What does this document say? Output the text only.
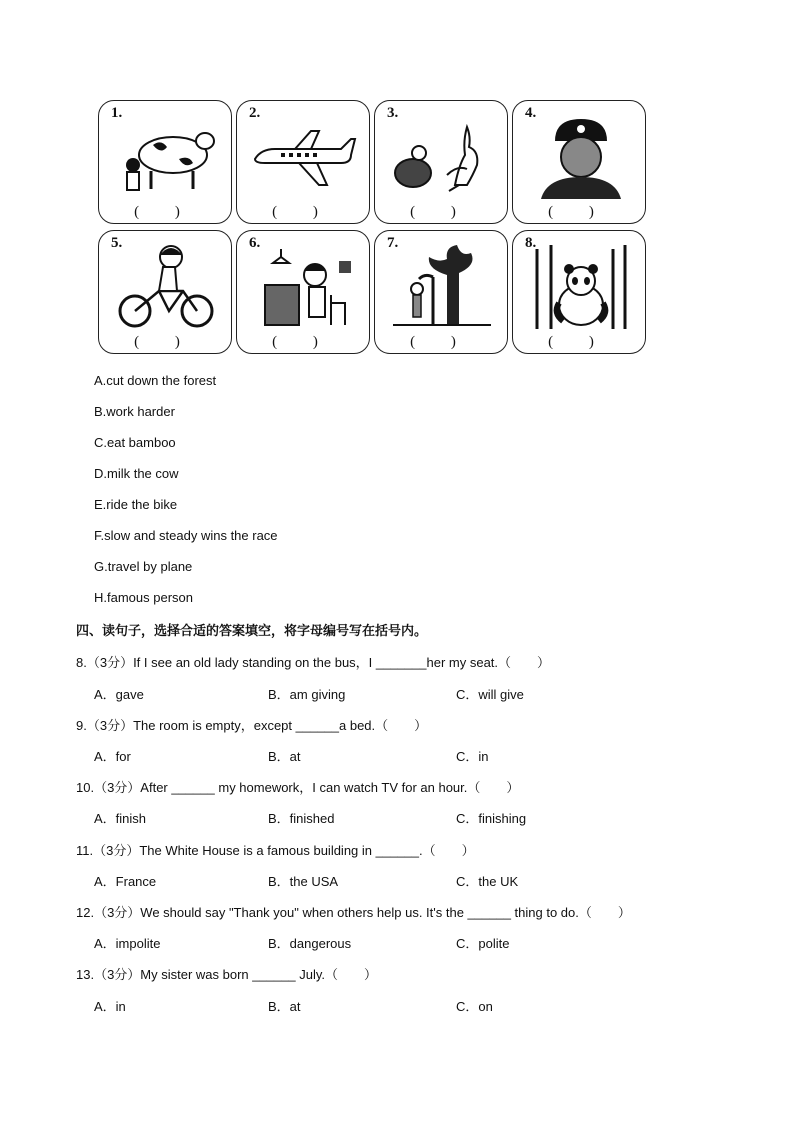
1.
( )
2.
( )
3.
( )
4.
( )
5.
( )
6.
( )
7.
( )
8.
( )
A.cut down the forest
B.work harder
C.eat bamboo
D.milk the cow
E.ride the bike
F.slow and steady wins the race
G.travel by plane
H.famous person
四、读句子，选择合适的答案填空，将字母编号写在括号内。
8.（3分）If I see an old lady standing on the bus，I _______her my seat.（　　）
A．gave	B．am giving	C．will give
9.（3分）The room is empty，except ______a bed.（　　）
A．for	B．at	C．in
10.（3分）After ______ my homework，I can watch TV for an hour.（　　）
A．finish	B．finished	C．finishing
11.（3分）The White House is a famous building in ______.（　　）
A．France	B．the USA	C．the UK
12.（3分）We should say "Thank you" when others help us. It's the ______ thing to do.（　　）
A．impolite	B．dangerous	C．polite
13.（3分）My sister was born ______ July.（　　）
A．in	B．at	C．on
